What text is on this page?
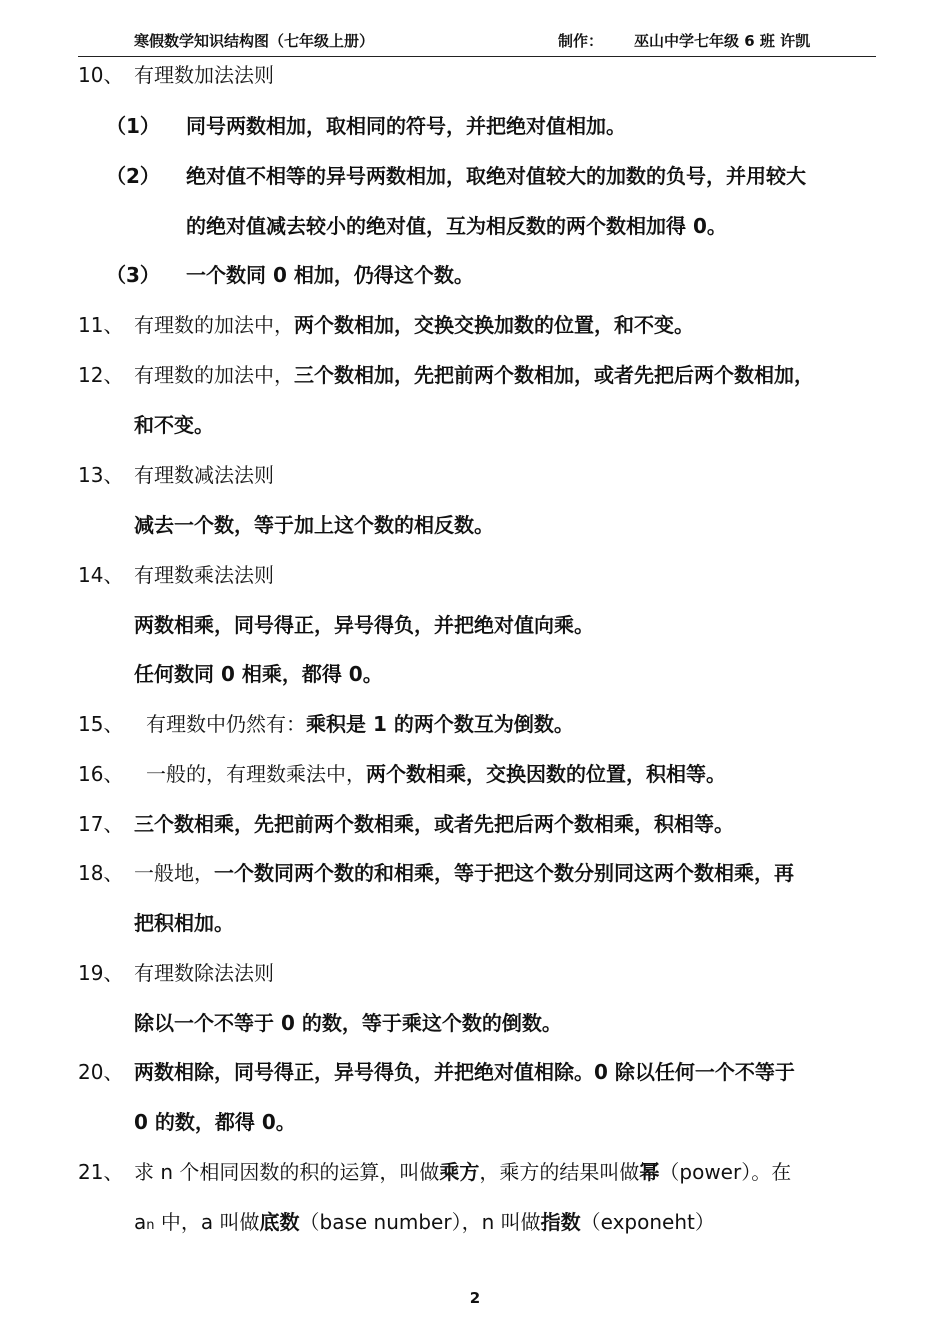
寒假数学知识结构图（七年级上册）	制作： 巫山中学七年级 6 班 许凯
10、 有理数加法法则
（1） 同号两数相加，取相同的符号，并把绝对值相加。
（2） 绝对值不相等的异号两数相加，取绝对值较大的加数的负号，并用较大
的绝对值减去较小的绝对值，互为相反数的两个数相加得 0。
（3） 一个数同 0 相加，仍得这个数。
11、 有理数的加法中，两个数相加，交换交换加数的位置，和不变。
12、 有理数的加法中，三个数相加，先把前两个数相加，或者先把后两个数相加，
和不变。
13、 有理数减法法则
减去一个数，等于加上这个数的相反数。
14、 有理数乘法法则
两数相乘，同号得正，异号得负，并把绝对值向乘。
任何数同 0 相乘，都得 0。
15、 有理数中仍然有：乘积是 1 的两个数互为倒数。
16、 一般的，有理数乘法中，两个数相乘，交换因数的位置，积相等。
17、 三个数相乘，先把前两个数相乘，或者先把后两个数相乘，积相等。
18、 一般地，一个数同两个数的和相乘，等于把这个数分别同这两个数相乘，再
把积相加。
19、 有理数除法法则
除以一个不等于 0 的数，等于乘这个数的倒数。
20、 两数相除，同号得正，异号得负，并把绝对值相除。0 除以任何一个不等于
0 的数，都得 0。
21、 求 n 个相同因数的积的运算，叫做乘方，乘方的结果叫做幂（power）。在
an 中，a 叫做底数（base number），n 叫做指数（exponeht）
2
